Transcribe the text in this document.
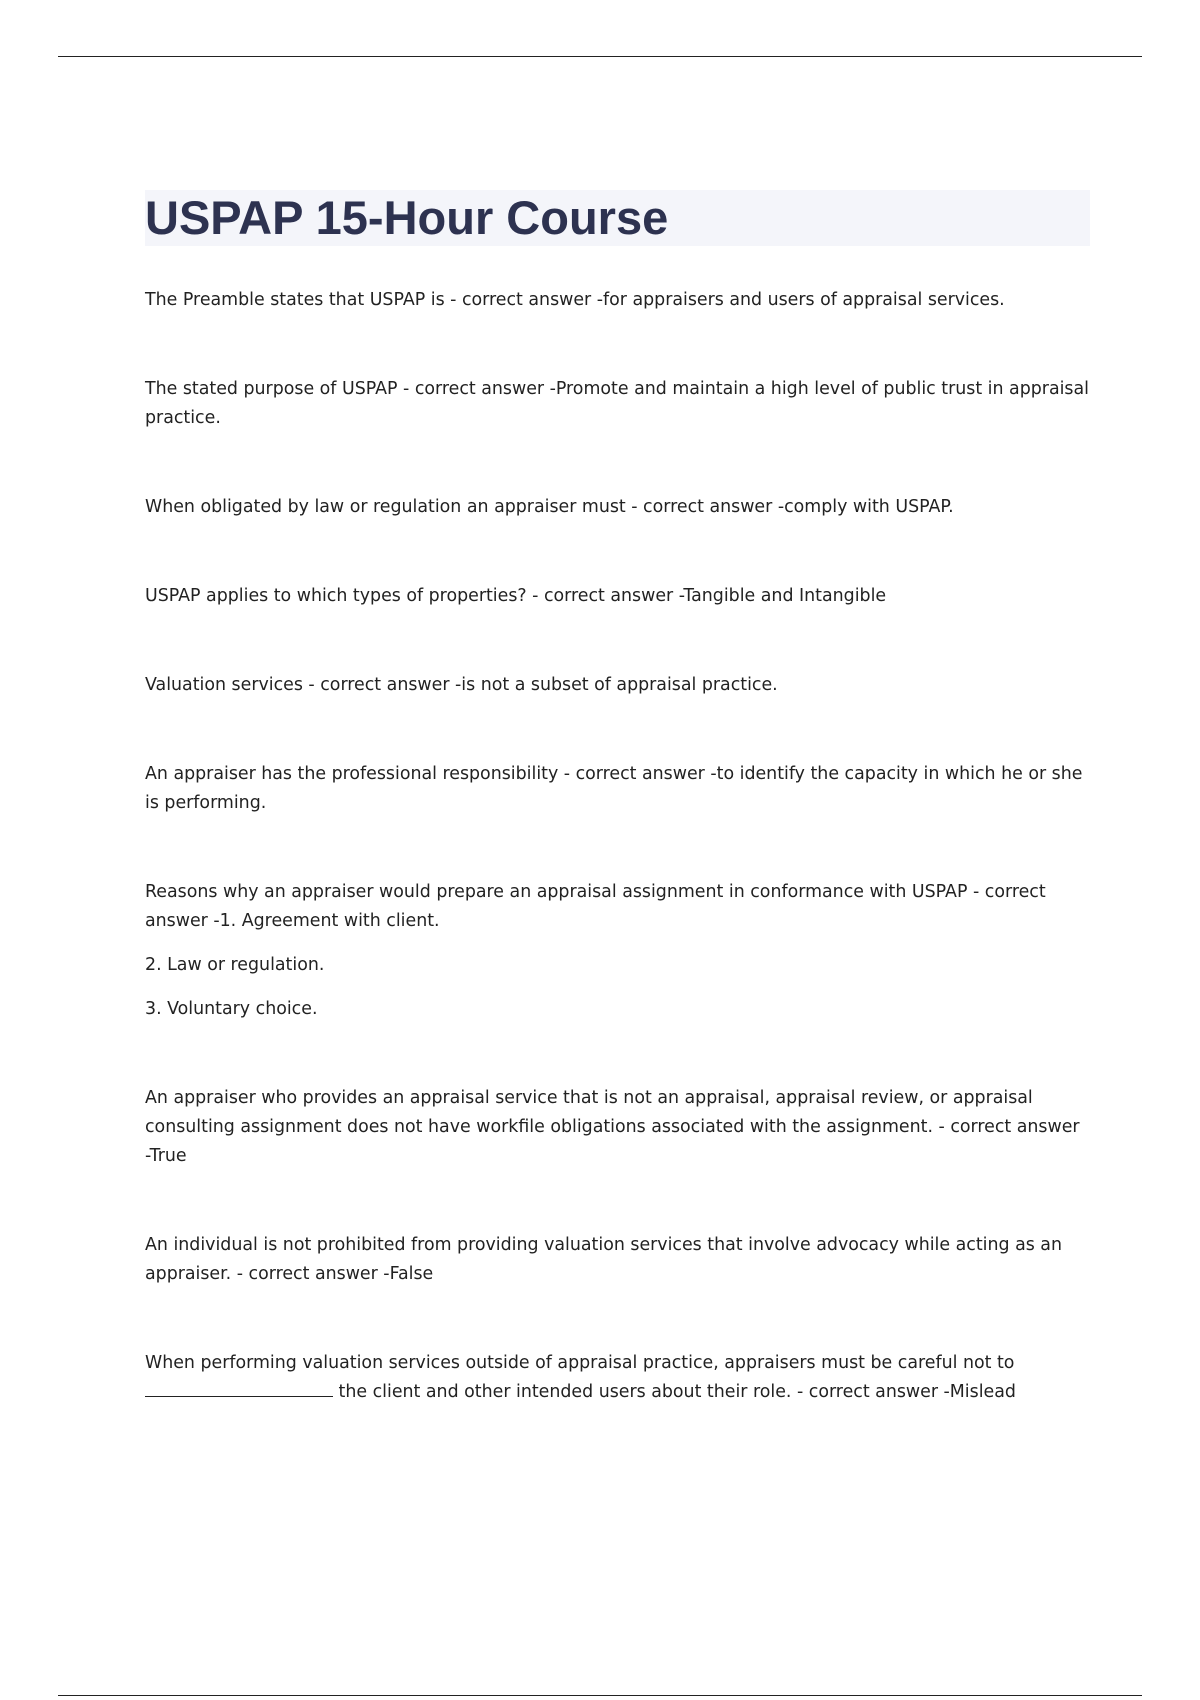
USPAP 15-Hour Course

The Preamble states that USPAP is - correct answer -for appraisers and users of appraisal services.

The stated purpose of USPAP - correct answer -Promote and maintain a high level of public trust in appraisal practice.

When obligated by law or regulation an appraiser must - correct answer -comply with USPAP.

USPAP applies to which types of properties? - correct answer -Tangible and Intangible

Valuation services - correct answer -is not a subset of appraisal practice.

An appraiser has the professional responsibility - correct answer -to identify the capacity in which he or she is performing.

Reasons why an appraiser would prepare an appraisal assignment in conformance with USPAP - correct answer -1. Agreement with client.

2. Law or regulation.

3. Voluntary choice.

An appraiser who provides an appraisal service that is not an appraisal, appraisal review, or appraisal consulting assignment does not have workfile obligations associated with the assignment. - correct answer -True

An individual is not prohibited from providing valuation services that involve advocacy while acting as an appraiser. - correct answer -False

When performing valuation services outside of appraisal practice, appraisers must be careful not to
the client and other intended users about their role. - correct answer -Mislead
